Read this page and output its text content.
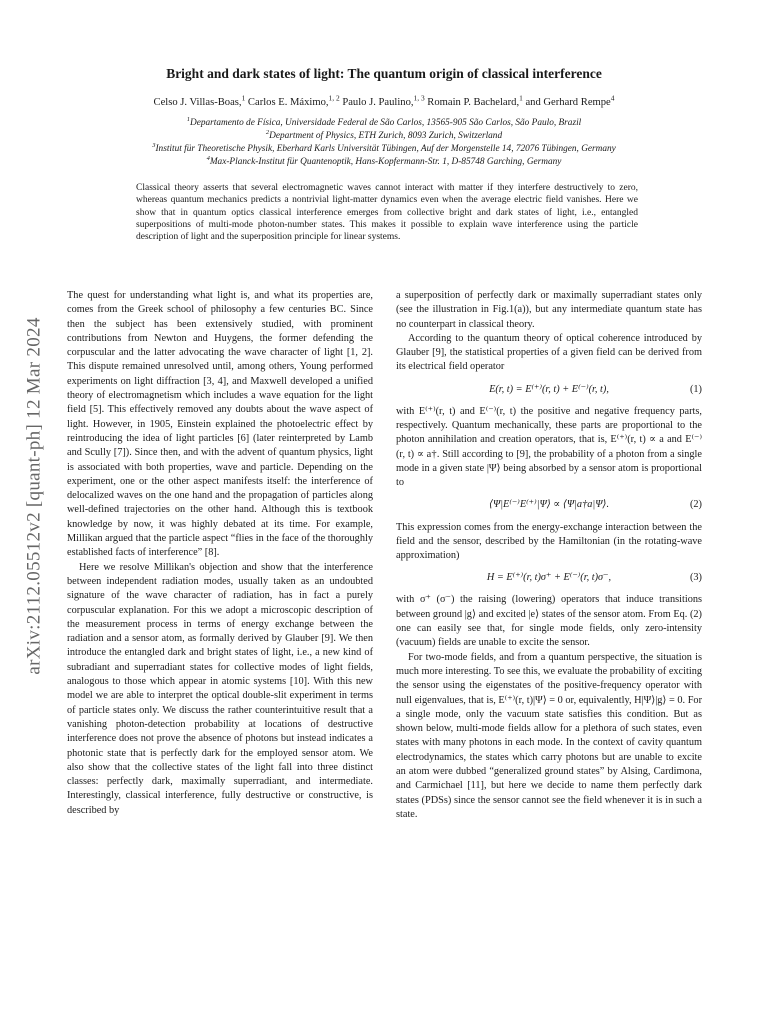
arXiv:2112.05512v2 [quant-ph] 12 Mar 2024
Bright and dark states of light: The quantum origin of classical interference
Celso J. Villas-Boas,$^1$ Carlos E. Máximo,$^{1, 2}$ Paulo J. Paulino,$^{1, 3}$ Romain P. Bachelard,$^1$ and Gerhard Rempe$^4$
$^1$Departamento de Física, Universidade Federal de São Carlos, 13565-905 São Carlos, São Paulo, Brazil
$^2$Department of Physics, ETH Zurich, 8093 Zurich, Switzerland
$^3$Institut für Theoretische Physik, Eberhard Karls Universität Tübingen, Auf der Morgenstelle 14, 72076 Tübingen, Germany
$^4$Max-Planck-Institut für Quantenoptik, Hans-Kopfermann-Str. 1, D-85748 Garching, Germany

Classical theory asserts that several electromagnetic waves cannot interact with matter if they interfere destructively to zero, whereas quantum mechanics predicts a nontrivial light-matter dynamics even when the average electric field vanishes. Here we show that in quantum optics classical interference emerges from collective bright and dark states of light, i.e., entangled superpositions of multi-mode photon-number states. This makes it possible to explain wave interference using the particle description of light and the superposition principle for linear systems.

The quest for understanding what light is, and what its properties are, comes from the Greek school of philosophy a few centuries BC. Since then the subject has been extensively studied, with prominent contributions from Newton and Huygens, the former defending the corpuscular and the latter advocating the wave character of light [1, 2]. This dispute remained unresolved until, among others, Young performed experiments on light diffraction [3, 4], and Maxwell developed a unified theory of electromagnetism which includes a wave equation for the light field [5]. This effectively removed any doubts about the wave aspect of light. However, in 1905, Einstein explained the photoelectric effect by reintroducing the idea of light particles [6] (later reinterpreted by Lamb and Scully [7]). Since then, and with the advent of quantum physics, light is associated with both properties, wave and particle. Depending on the experiment, one or the other aspect manifests itself: the interference of delocalized waves on the one hand and the propagation of particles along well-defined trajectories on the other hand. Although this is textbook knowledge by now, it was highly debated at its time. For example, Millikan argued that the particle aspect “flies in the face of the thoroughly established facts of interference” [8].

Here we resolve Millikan's objection and show that the interference between independent radiation modes, usually taken as an undoubted signature of the wave character of radiation, has in fact a purely corpuscular explanation. For this we adopt a microscopic description of the measurement process in terms of energy exchange between the radiation and a sensor atom, as formally derived by Glauber [9]. We then introduce the entangled dark and bright states of light, i.e., a new kind of subradiant and superradiant states for collective modes of light fields, analogous to those which appear in atomic systems [10]. With this new model we are able to interpret the optical double-slit experiment in terms of particle states only. We discuss the rather counterintuitive result that a vanishing photon-detection probability at locations of destructive interference does not prove the absence of photons but instead indicates a photonic state that is perfectly dark for the employed sensor atom. We also show that the collective states of the light fall into three distinct classes: perfectly dark, maximally superradiant, and intermediate. Interestingly, classical interference, fully destructive or constructive, is described by

a superposition of perfectly dark or maximally superradiant states only (see the illustration in Fig.1(a)), but any intermediate quantum state has no counterpart in classical theory.

According to the quantum theory of optical coherence introduced by Glauber [9], the statistical properties of a given field can be derived from its electrical field operator

E(r, t) = E⁽⁺⁾(r, t) + E⁽⁻⁾(r, t),	(1)

with E⁽⁺⁾(r, t) and E⁽⁻⁾(r, t) the positive and negative frequency parts, respectively. Quantum mechanically, these parts are proportional to the photon annihilation and creation operators, that is, E⁽⁺⁾(r, t) ∝ a and E⁽⁻⁾(r, t) ∝ a†. Still according to [9], the probability of a photon from a single mode in a given state |Ψ⟩ being absorbed by a sensor atom is proportional to

⟨Ψ|E⁽⁻⁾E⁽⁺⁾|Ψ⟩ ∝ ⟨Ψ|a†a|Ψ⟩.	(2)

This expression comes from the energy-exchange interaction between the field and the sensor, described by the Hamiltonian (in the rotating-wave approximation)

H = E⁽⁺⁾(r, t)σ⁺ + E⁽⁻⁾(r, t)σ⁻,	(3)

with σ⁺ (σ⁻) the raising (lowering) operators that induce transitions between ground |g⟩ and excited |e⟩ states of the sensor atom. From Eq. (2) one can easily see that, for single mode fields, only zero-intensity (vacuum) fields are unable to excite the sensor.

For two-mode fields, and from a quantum perspective, the situation is much more interesting. To see this, we evaluate the probability of exciting the sensor using the eigenstates of the positive-frequency operator with null eigenvalues, that is, E⁽⁺⁾(r, t)|Ψ⟩ = 0 or, equivalently, H|Ψ⟩|g⟩ = 0. For a single mode, only the vacuum state satisfies this condition. But as shown below, multi-mode fields allow for a plethora of such states, even states with many photons in each mode. In the context of cavity quantum electrodynamics, the states which carry photons but are unable to excite an atom were dubbed “generalized ground states” by Alsing, Cardimona, and Carmichael [11], but here we decide to name them perfectly dark states (PDSs) since the sensor cannot see the field whenever it is in such a state.
